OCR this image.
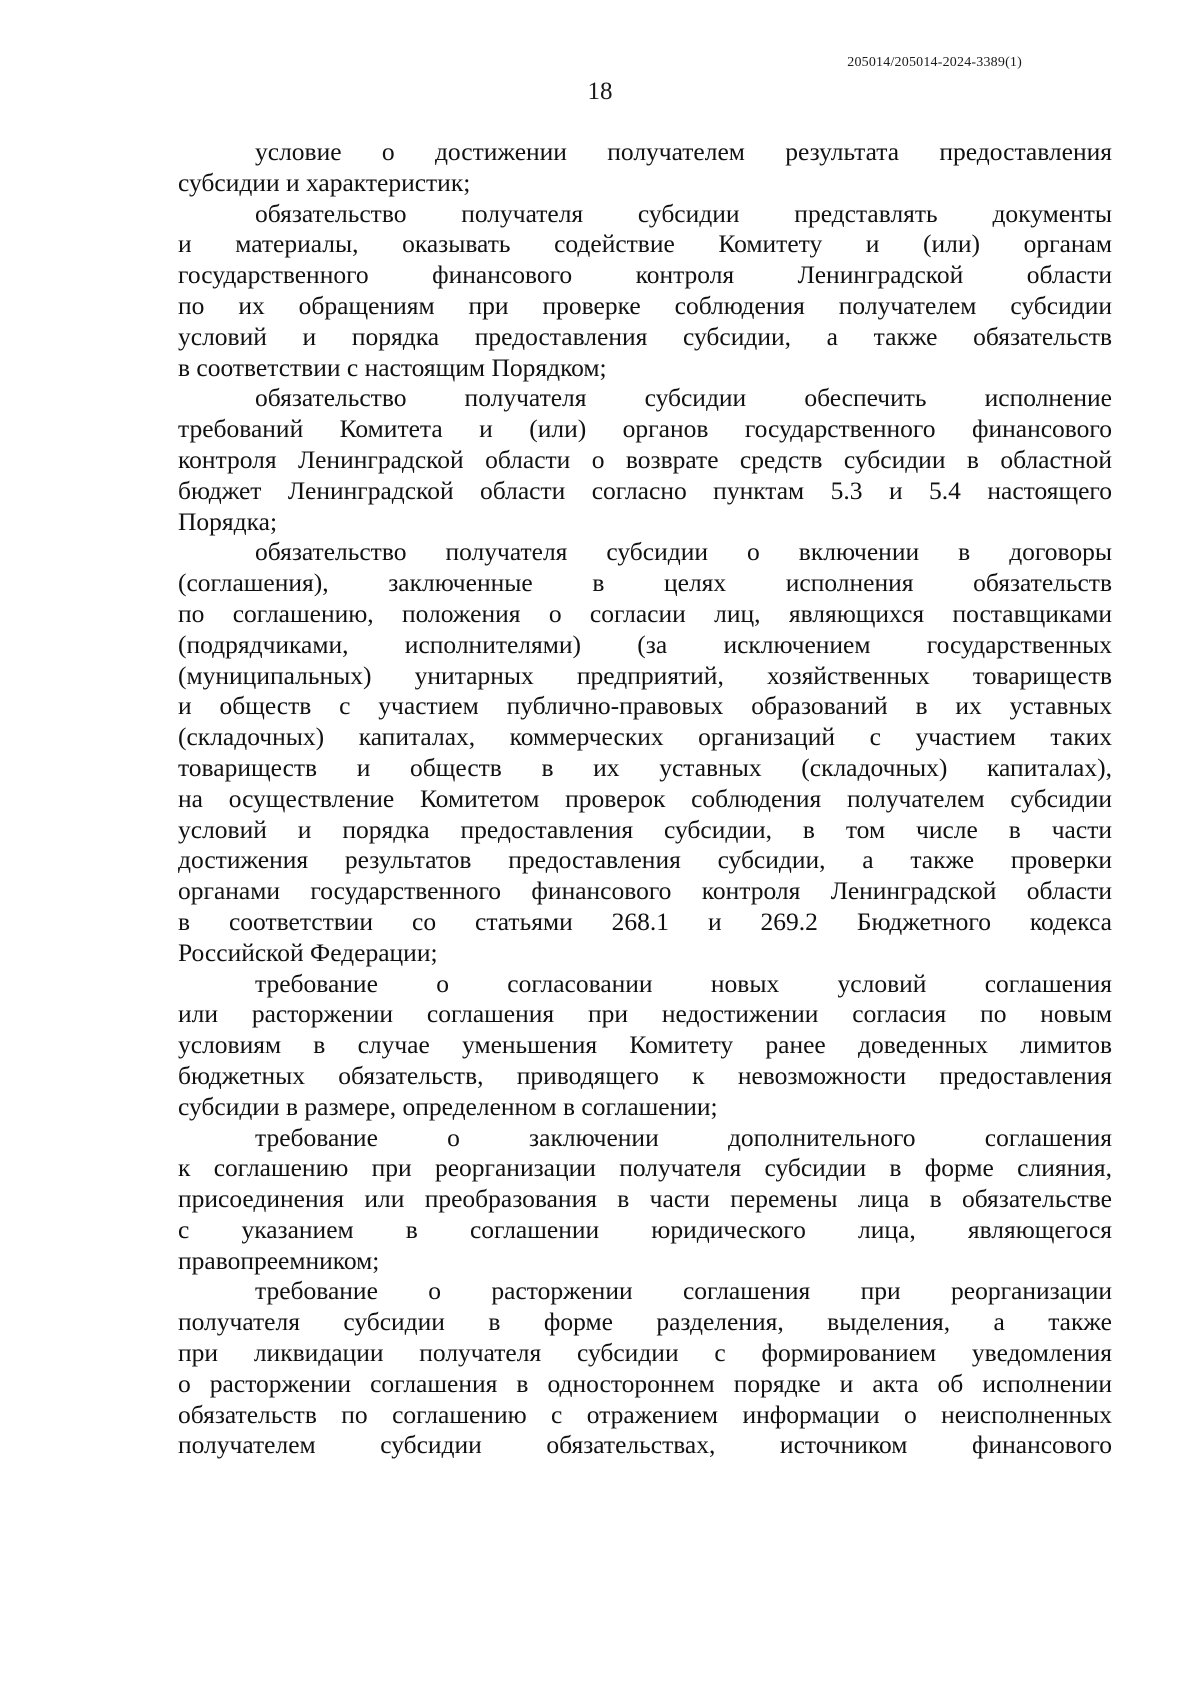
205014/205014-2024-3389(1)
18
условие о достижении получателем результата предоставления
субсидии и характеристик;
обязательство получателя субсидии представлять документы
и материалы, оказывать содействие Комитету и (или) органам
государственного финансового контроля Ленинградской области
по их обращениям при проверке соблюдения получателем субсидии
условий и порядка предоставления субсидии, а также обязательств
в соответствии с настоящим Порядком;
обязательство получателя субсидии обеспечить исполнение
требований Комитета и (или) органов государственного финансового
контроля Ленинградской области о возврате средств субсидии в областной
бюджет Ленинградской области согласно пунктам 5.3 и 5.4 настоящего
Порядка;
обязательство получателя субсидии о включении в договоры
(соглашения), заключенные в целях исполнения обязательств
по соглашению, положения о согласии лиц, являющихся поставщиками
(подрядчиками, исполнителями) (за исключением государственных
(муниципальных) унитарных предприятий, хозяйственных товариществ
и обществ с участием публично-правовых образований в их уставных
(складочных) капиталах, коммерческих организаций с участием таких
товариществ и обществ в их уставных (складочных) капиталах),
на осуществление Комитетом проверок соблюдения получателем субсидии
условий и порядка предоставления субсидии, в том числе в части
достижения результатов предоставления субсидии, а также проверки
органами государственного финансового контроля Ленинградской области
в соответствии со статьями 268.1 и 269.2 Бюджетного кодекса
Российской Федерации;
требование о согласовании новых условий соглашения
или расторжении соглашения при недостижении согласия по новым
условиям в случае уменьшения Комитету ранее доведенных лимитов
бюджетных обязательств, приводящего к невозможности предоставления
субсидии в размере, определенном в соглашении;
требование о заключении дополнительного соглашения
к соглашению при реорганизации получателя субсидии в форме слияния,
присоединения или преобразования в части перемены лица в обязательстве
с указанием в соглашении юридического лица, являющегося
правопреемником;
требование о расторжении соглашения при реорганизации
получателя субсидии в форме разделения, выделения, а также
при ликвидации получателя субсидии с формированием уведомления
о расторжении соглашения в одностороннем порядке и акта об исполнении
обязательств по соглашению с отражением информации о неисполненных
получателем субсидии обязательствах, источником финансового
